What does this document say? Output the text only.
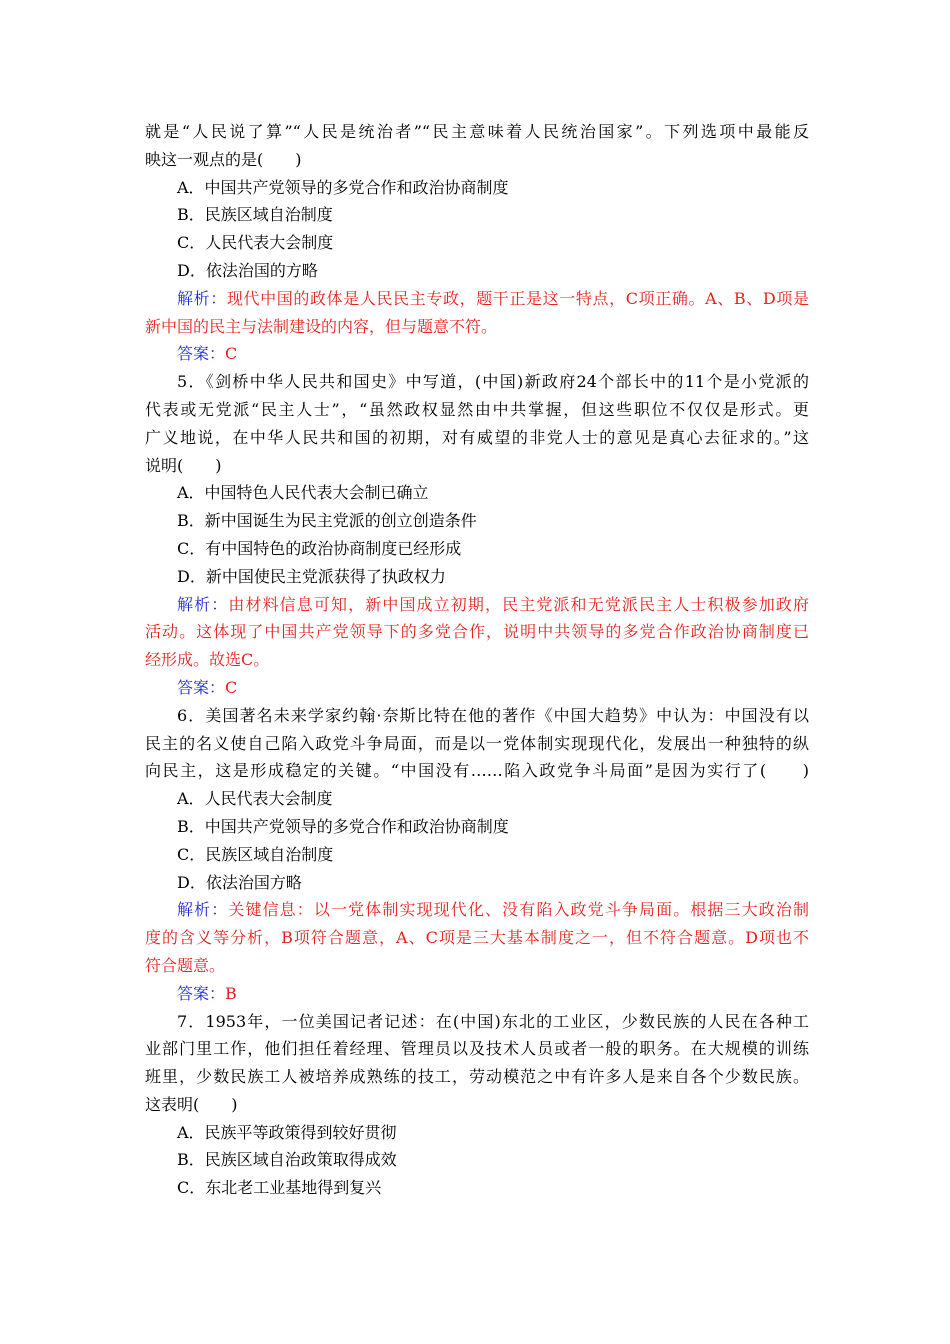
就是“人民说了算”“人民是统治者”“民主意味着人民统治国家”。下列选项中最能反
映这一观点的是(　　)
A．中国共产党领导的多党合作和政治协商制度
B．民族区域自治制度
C．人民代表大会制度
D．依法治国的方略
解析：现代中国的政体是人民民主专政，题干正是这一特点，C项正确。A、B、D项是
新中国的民主与法制建设的内容，但与题意不符。
答案：C
5．《剑桥中华人民共和国史》中写道，(中国)新政府24个部长中的11个是小党派的
代表或无党派“民主人士”，“虽然政权显然由中共掌握，但这些职位不仅仅是形式。更
广义地说，在中华人民共和国的初期，对有威望的非党人士的意见是真心去征求的。”这
说明(　　)
A．中国特色人民代表大会制已确立
B．新中国诞生为民主党派的创立创造条件
C．有中国特色的政治协商制度已经形成
D．新中国使民主党派获得了执政权力
解析：由材料信息可知，新中国成立初期，民主党派和无党派民主人士积极参加政府
活动。这体现了中国共产党领导下的多党合作，说明中共领导的多党合作政治协商制度已
经形成。故选C。
答案：C
6．美国著名未来学家约翰·奈斯比特在他的著作《中国大趋势》中认为：中国没有以
民主的名义使自己陷入政党斗争局面，而是以一党体制实现现代化，发展出一种独特的纵
向民主，这是形成稳定的关键。“中国没有……陷入政党争斗局面”是因为实行了(　　)
A．人民代表大会制度
B．中国共产党领导的多党合作和政治协商制度
C．民族区域自治制度
D．依法治国方略
解析：关键信息：以一党体制实现现代化、没有陷入政党斗争局面。根据三大政治制
度的含义等分析，B项符合题意，A、C项是三大基本制度之一，但不符合题意。D项也不
符合题意。
答案：B
7．1953年，一位美国记者记述：在(中国)东北的工业区，少数民族的人民在各种工
业部门里工作，他们担任着经理、管理员以及技术人员或者一般的职务。在大规模的训练
班里，少数民族工人被培养成熟练的技工，劳动模范之中有许多人是来自各个少数民族。
这表明(　　)
A．民族平等政策得到较好贯彻
B．民族区域自治政策取得成效
C．东北老工业基地得到复兴
